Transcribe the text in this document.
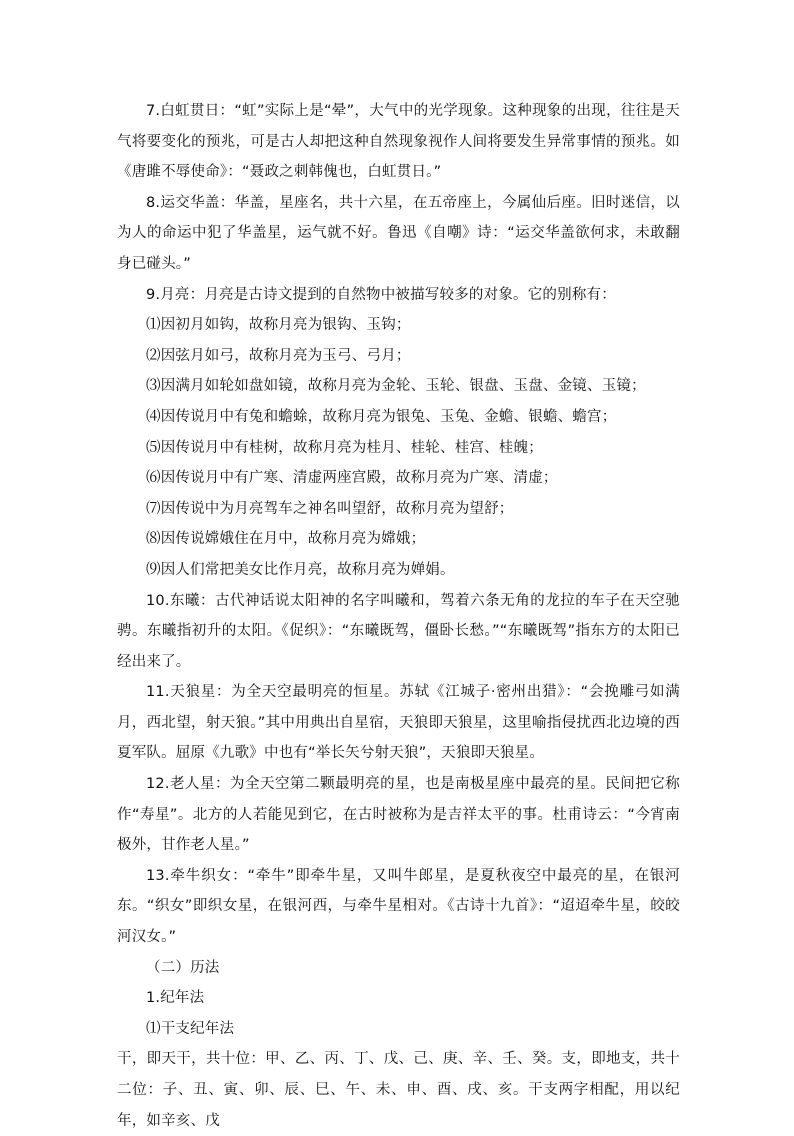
7.白虹贯日：“虹”实际上是“晕”，大气中的光学现象。这种现象的出现，往往是天气将要变化的预兆，可是古人却把这种自然现象视作人间将要发生异常事情的预兆。如《唐雎不辱使命》：“聂政之刺韩傀也，白虹贯日。”

8.运交华盖：华盖，星座名，共十六星，在五帝座上，今属仙后座。旧时迷信，以为人的命运中犯了华盖星，运气就不好。鲁迅《自嘲》诗：“运交华盖欲何求，未敢翻身已碰头。”

9.月亮：月亮是古诗文提到的自然物中被描写较多的对象。它的别称有：

⑴因初月如钩，故称月亮为银钩、玉钩；

⑵因弦月如弓，故称月亮为玉弓、弓月；

⑶因满月如轮如盘如镜，故称月亮为金轮、玉轮、银盘、玉盘、金镜、玉镜；

⑷因传说月中有兔和蟾蜍，故称月亮为银兔、玉兔、金蟾、银蟾、蟾宫；

⑸因传说月中有桂树，故称月亮为桂月、桂轮、桂宫、桂魄；

⑹因传说月中有广寒、清虚两座宫殿，故称月亮为广寒、清虚；

⑺因传说中为月亮驾车之神名叫望舒，故称月亮为望舒；

⑻因传说嫦娥住在月中，故称月亮为嫦娥；

⑼因人们常把美女比作月亮，故称月亮为婵娟。

10.东曦：古代神话说太阳神的名字叫曦和，驾着六条无角的龙拉的车子在天空驰骋。东曦指初升的太阳。《促织》：“东曦既驾，僵卧长愁。”“东曦既驾”指东方的太阳已经出来了。

11.天狼星：为全天空最明亮的恒星。苏轼《江城子·密州出猎》：“会挽雕弓如满月，西北望，射天狼。”其中用典出自星宿，天狼即天狼星，这里喻指侵扰西北边境的西夏军队。屈原《九歌》中也有“举长矢兮射天狼”，天狼即天狼星。

12.老人星：为全天空第二颗最明亮的星，也是南极星座中最亮的星。民间把它称作“寿星”。北方的人若能见到它，在古时被称为是吉祥太平的事。杜甫诗云：“今宵南极外，甘作老人星。”

13.牵牛织女：“牵牛”即牵牛星，又叫牛郎星，是夏秋夜空中最亮的星，在银河东。“织女”即织女星，在银河西，与牵牛星相对。《古诗十九首》：“迢迢牵牛星，皎皎河汉女。”

（二）历法

1.纪年法

⑴干支纪年法

干，即天干，共十位：甲、乙、丙、丁、戊、己、庚、辛、壬、癸。支，即地支，共十二位：子、丑、寅、卯、辰、巳、午、未、申、酉、戌、亥。干支两字相配，用以纪年，如辛亥、戊
